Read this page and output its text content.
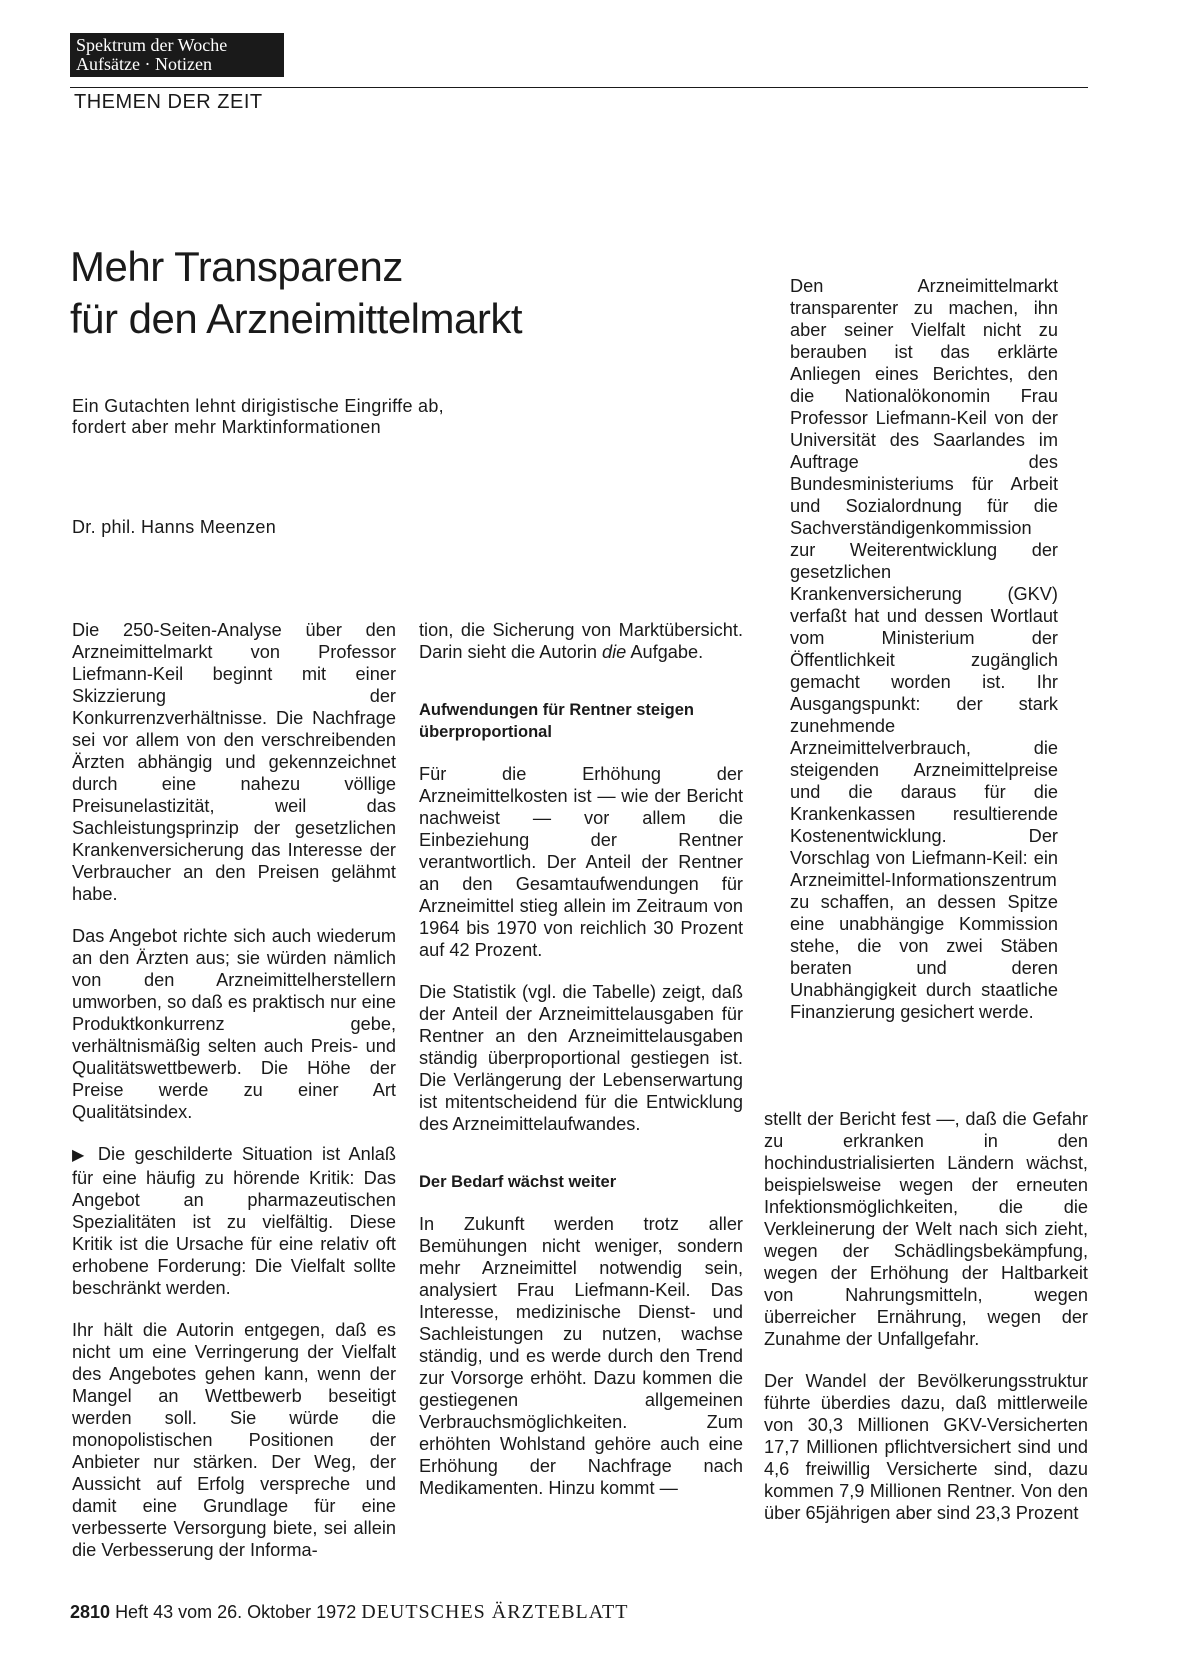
Spektrum der Woche
Aufsätze · Notizen
THEMEN DER ZEIT
Mehr Transparenz
für den Arzneimittelmarkt
Ein Gutachten lehnt dirigistische Eingriffe ab,
fordert aber mehr Marktinformationen
Dr. phil. Hanns Meenzen

Die 250-Seiten-Analyse über den Arzneimittelmarkt von Professor Liefmann-Keil beginnt mit einer Skizzierung der Konkurrenzverhältnisse. Die Nachfrage sei vor allem von den verschreibenden Ärzten abhängig und gekennzeichnet durch eine nahezu völlige Preisunelastizität, weil das Sachleistungsprinzip der gesetzlichen Krankenversicherung das Interesse der Verbraucher an den Preisen gelähmt habe.

Das Angebot richte sich auch wiederum an den Ärzten aus; sie würden nämlich von den Arzneimittelherstellern umworben, so daß es praktisch nur eine Produktkonkurrenz gebe, verhältnismäßig selten auch Preis- und Qualitätswettbewerb. Die Höhe der Preise werde zu einer Art Qualitätsindex.

▶ Die geschilderte Situation ist Anlaß für eine häufig zu hörende Kritik: Das Angebot an pharmazeutischen Spezialitäten ist zu vielfältig. Diese Kritik ist die Ursache für eine relativ oft erhobene Forderung: Die Vielfalt sollte beschränkt werden.

Ihr hält die Autorin entgegen, daß es nicht um eine Verringerung der Vielfalt des Angebotes gehen kann, wenn der Mangel an Wettbewerb beseitigt werden soll. Sie würde die monopolistischen Positionen der Anbieter nur stärken. Der Weg, der Aussicht auf Erfolg verspreche und damit eine Grundlage für eine verbesserte Versorgung biete, sei allein die Verbesserung der Informa-

tion, die Sicherung von Marktübersicht. Darin sieht die Autorin die Aufgabe.

Aufwendungen für Rentner steigen überproportional

Für die Erhöhung der Arzneimittelkosten ist — wie der Bericht nachweist — vor allem die Einbeziehung der Rentner verantwortlich. Der Anteil der Rentner an den Gesamtaufwendungen für Arzneimittel stieg allein im Zeitraum von 1964 bis 1970 von reichlich 30 Prozent auf 42 Prozent.

Die Statistik (vgl. die Tabelle) zeigt, daß der Anteil der Arzneimittelausgaben für Rentner an den Arzneimittelausgaben ständig überproportional gestiegen ist. Die Verlängerung der Lebenserwartung ist mitentscheidend für die Entwicklung des Arzneimittelaufwandes.

Der Bedarf wächst weiter

In Zukunft werden trotz aller Bemühungen nicht weniger, sondern mehr Arzneimittel notwendig sein, analysiert Frau Liefmann-Keil. Das Interesse, medizinische Dienst- und Sachleistungen zu nutzen, wachse ständig, und es werde durch den Trend zur Vorsorge erhöht. Dazu kommen die gestiegenen allgemeinen Verbrauchsmöglichkeiten. Zum erhöhten Wohlstand gehöre auch eine Erhöhung der Nachfrage nach Medikamenten. Hinzu kommt —

Den Arzneimittelmarkt transparenter zu machen, ihn aber seiner Vielfalt nicht zu berauben ist das erklärte Anliegen eines Berichtes, den die Nationalökonomin Frau Professor Liefmann-Keil von der Universität des Saarlandes im Auftrage des Bundesministeriums für Arbeit und Sozialordnung für die Sachverständigenkommission zur Weiterentwicklung der gesetzlichen Krankenversicherung (GKV) verfaßt hat und dessen Wortlaut vom Ministerium der Öffentlichkeit zugänglich gemacht worden ist. Ihr Ausgangspunkt: der stark zunehmende Arzneimittelverbrauch, die steigenden Arzneimittelpreise und die daraus für die Krankenkassen resultierende Kostenentwicklung. Der Vorschlag von Liefmann-Keil: ein Arzneimittel-Informationszentrum zu schaffen, an dessen Spitze eine unabhängige Kommission stehe, die von zwei Stäben beraten und deren Unabhängigkeit durch staatliche Finanzierung gesichert werde.

stellt der Bericht fest —, daß die Gefahr zu erkranken in den hochindustrialisierten Ländern wächst, beispielsweise wegen der erneuten Infektionsmöglichkeiten, die die Verkleinerung der Welt nach sich zieht, wegen der Schädlingsbekämpfung, wegen der Erhöhung der Haltbarkeit von Nahrungsmitteln, wegen überreicher Ernährung, wegen der Zunahme der Unfallgefahr.

Der Wandel der Bevölkerungsstruktur führte überdies dazu, daß mittlerweile von 30,3 Millionen GKV-Versicherten 17,7 Millionen pflichtversichert sind und 4,6 freiwillig Versicherte sind, dazu kommen 7,9 Millionen Rentner. Von den über 65jährigen aber sind 23,3 Prozent

2810 Heft 43 vom 26. Oktober 1972 DEUTSCHES ÄRZTEBLATT
